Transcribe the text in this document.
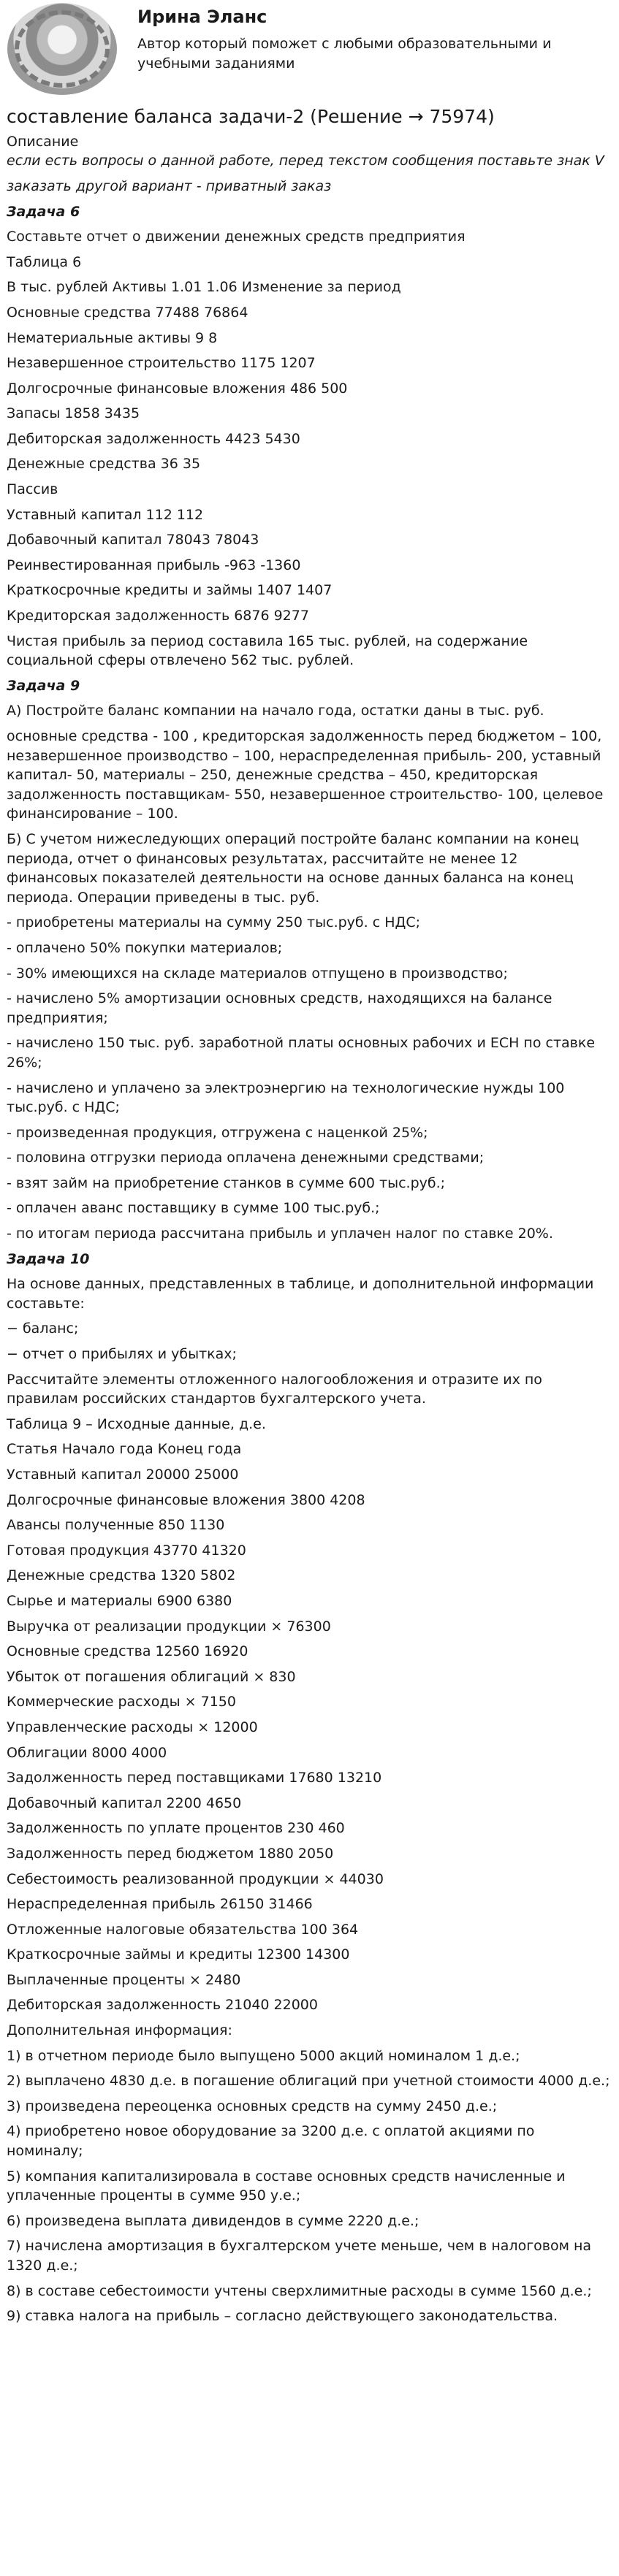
Ирина Эланс

Автор который поможет с любыми образовательными и учебными заданиями

составление баланса задачи-2 (Решение → 75974)

Описание

если есть вопросы о данной работе, перед текстом сообщения поставьте знак V

заказать другой вариант - приватный заказ

Задача 6

Составьте отчет о движении денежных средств предприятия

Таблица 6

В тыс. рублей Активы 1.01 1.06 Изменение за период

Основные средства 77488 76864

Нематериальные активы 9 8

Незавершенное строительство 1175 1207

Долгосрочные финансовые вложения 486 500

Запасы 1858 3435

Дебиторская задолженность 4423 5430

Денежные средства 36 35

Пассив

Уставный капитал 112 112

Добавочный капитал 78043 78043

Реинвестированная прибыль -963 -1360

Краткосрочные кредиты и займы 1407 1407

Кредиторская задолженность 6876 9277

Чистая прибыль за период составила 165 тыс. рублей, на содержание социальной сферы отвлечено 562 тыс. рублей.

Задача 9

А) Постройте баланс компании на начало года, остатки даны в тыс. руб.

основные средства - 100 , кредиторская задолженность перед бюджетом – 100, незавершенное производство – 100, нераспределенная прибыль- 200, уставный капитал- 50, материалы – 250, денежные средства – 450, кредиторская задолженность поставщикам- 550, незавершенное строительство- 100, целевое финансирование – 100.

Б) С учетом нижеследующих операций постройте баланс компании на конец периода, отчет о финансовых результатах, рассчитайте не менее 12 финансовых показателей деятельности на основе данных баланса на конец периода. Операции приведены в тыс. руб.

- приобретены материалы на сумму 250 тыс.руб. с НДС;

- оплачено 50% покупки материалов;

- 30% имеющихся на складе материалов отпущено в производство;

- начислено 5% амортизации основных средств, находящихся на балансе предприятия;

- начислено 150 тыс. руб. заработной платы основных рабочих и ЕСН по ставке 26%;

- начислено и уплачено за электроэнергию на технологические нужды 100 тыс.руб. с НДС;

- произведенная продукция, отгружена с наценкой 25%;

- половина отгрузки периода оплачена денежными средствами;

- взят займ на приобретение станков в сумме 600 тыс.руб.;

- оплачен аванс поставщику в сумме 100 тыс.руб.;

- по итогам периода рассчитана прибыль и уплачен налог по ставке 20%.

Задача 10

На основе данных, представленных в таблице, и дополнительной информации составьте:

− баланс;

− отчет о прибылях и убытках;

Рассчитайте элементы отложенного налогообложения и отразите их по правилам российских стандартов бухгалтерского учета.

Таблица 9 – Исходные данные, д.е.

Статья Начало года Конец года

Уставный капитал 20000 25000

Долгосрочные финансовые вложения 3800 4208

Авансы полученные 850 1130

Готовая продукция 43770 41320

Денежные средства 1320 5802

Сырье и материалы 6900 6380

Выручка от реализации продукции × 76300

Основные средства 12560 16920

Убыток от погашения облигаций × 830

Коммерческие расходы × 7150

Управленческие расходы × 12000

Облигации 8000 4000

Задолженность перед поставщиками 17680 13210

Добавочный капитал 2200 4650

Задолженность по уплате процентов 230 460

Задолженность перед бюджетом 1880 2050

Себестоимость реализованной продукции × 44030

Нераспределенная прибыль 26150 31466

Отложенные налоговые обязательства 100 364

Краткосрочные займы и кредиты 12300 14300

Выплаченные проценты × 2480

Дебиторская задолженность 21040 22000

Дополнительная информация:

1) в отчетном периоде было выпущено 5000 акций номиналом 1 д.е.;

2) выплачено 4830 д.е. в погашение облигаций при учетной стоимости 4000 д.е.;

3) произведена переоценка основных средств на сумму 2450 д.е.;

4) приобретено новое оборудование за 3200 д.е. с оплатой акциями по номиналу;

5) компания капитализировала в составе основных средств начисленные и уплаченные проценты в сумме 950 у.е.;

6) произведена выплата дивидендов в сумме 2220 д.е.;

7) начислена амортизация в бухгалтерском учете меньше, чем в налоговом на 1320 д.е.;

8) в составе себестоимости учтены сверхлимитные расходы в сумме 1560 д.е.;

9) ставка налога на прибыль – согласно действующего законодательства.
